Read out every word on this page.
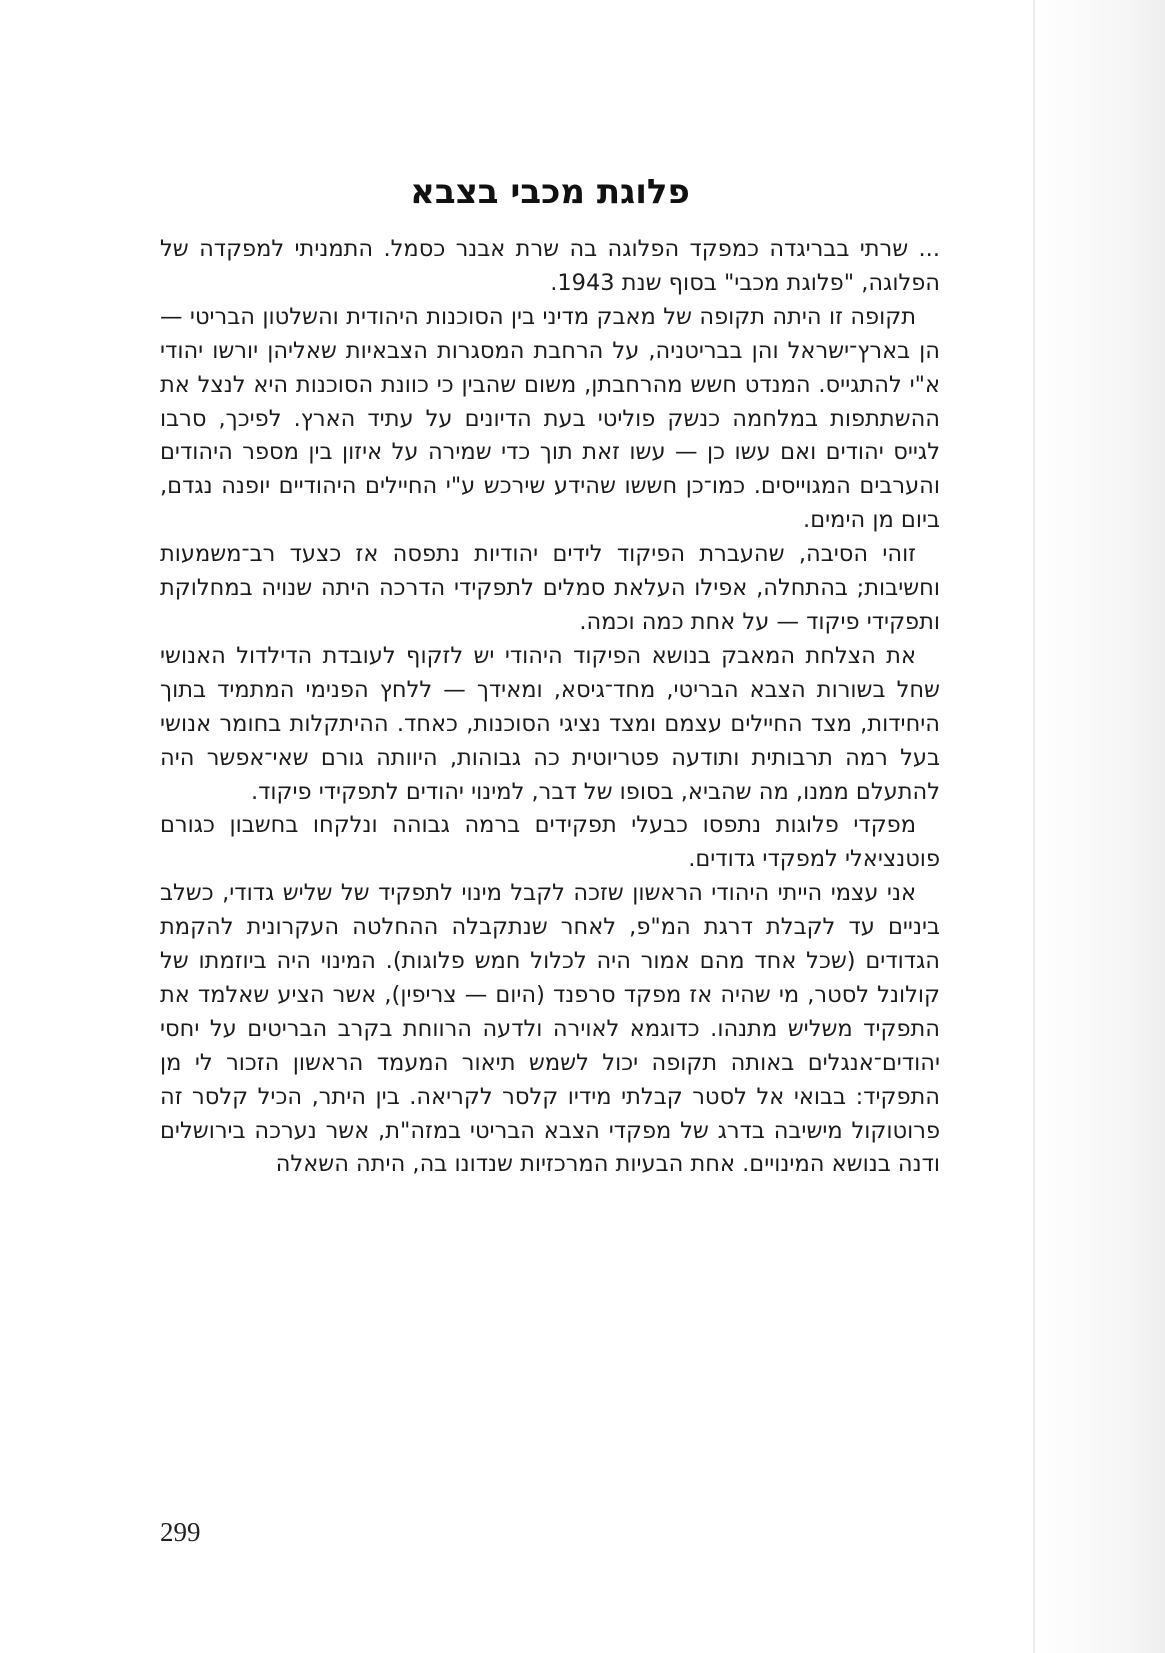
פלוגת מכבי בצבא

... שרתי בבריגדה כמפקד הפלוגה בה שרת אבנר כסמל. התמניתי למפקדה של הפלוגה, "פלוגת מכבי" בסוף שנת 1943.

תקופה זו היתה תקופה של מאבק מדיני בין הסוכנות היהודית והשלטון הבריטי — הן בארץ־ישראל והן בבריטניה, על הרחבת המסגרות הצבאיות שאליהן יורשו יהודי א"י להתגייס. המנדט חשש מהרחבתן, משום שהבין כי כוונת הסוכנות היא לנצל את ההשתתפות במלחמה כנשק פוליטי בעת הדיונים על עתיד הארץ. לפיכך, סרבו לגייס יהודים ואם עשו כן — עשו זאת תוך כדי שמירה על איזון בין מספר היהודים והערבים המגוייסים. כמו־כן חששו שהידע שירכש ע"י החיילים היהודיים יופנה נגדם, ביום מן הימים.

זוהי הסיבה, שהעברת הפיקוד לידים יהודיות נתפסה אז כצעד רב־משמעות וחשיבות; בהתחלה, אפילו העלאת סמלים לתפקידי הדרכה היתה שנויה במחלוקת ותפקידי פיקוד — על אחת כמה וכמה.

את הצלחת המאבק בנושא הפיקוד היהודי יש לזקוף לעובדת הדילדול האנושי שחל בשורות הצבא הבריטי, מחד־גיסא, ומאידך — ללחץ הפנימי המתמיד בתוך היחידות, מצד החיילים עצמם ומצד נציגי הסוכנות, כאחד. ההיתקלות בחומר אנושי בעל רמה תרבותית ותודעה פטריוטית כה גבוהות, היוותה גורם שאי־אפשר היה להתעלם ממנו, מה שהביא, בסופו של דבר, למינוי יהודים לתפקידי פיקוד.

מפקדי פלוגות נתפסו כבעלי תפקידים ברמה גבוהה ונלקחו בחשבון כגורם פוטנציאלי למפקדי גדודים.

אני עצמי הייתי היהודי הראשון שזכה לקבל מינוי לתפקיד של שליש גדודי, כשלב ביניים עד לקבלת דרגת המ"פ, לאחר שנתקבלה ההחלטה העקרונית להקמת הגדודים (שכל אחד מהם אמור היה לכלול חמש פלוגות). המינוי היה ביוזמתו של קולונל לסטר, מי שהיה אז מפקד סרפנד (היום — צריפין), אשר הציע שאלמד את התפקיד משליש מתנהו. כדוגמא לאוירה ולדעה הרווחת בקרב הבריטים על יחסי יהודים־אנגלים באותה תקופה יכול לשמש תיאור המעמד הראשון הזכור לי מן התפקיד: בבואי אל לסטר קבלתי מידיו קלסר לקריאה. בין היתר, הכיל קלסר זה פרוטוקול מישיבה בדרג של מפקדי הצבא הבריטי במזה"ת, אשר נערכה בירושלים ודנה בנושא המינויים. אחת הבעיות המרכזיות שנדונו בה, היתה השאלה

299
